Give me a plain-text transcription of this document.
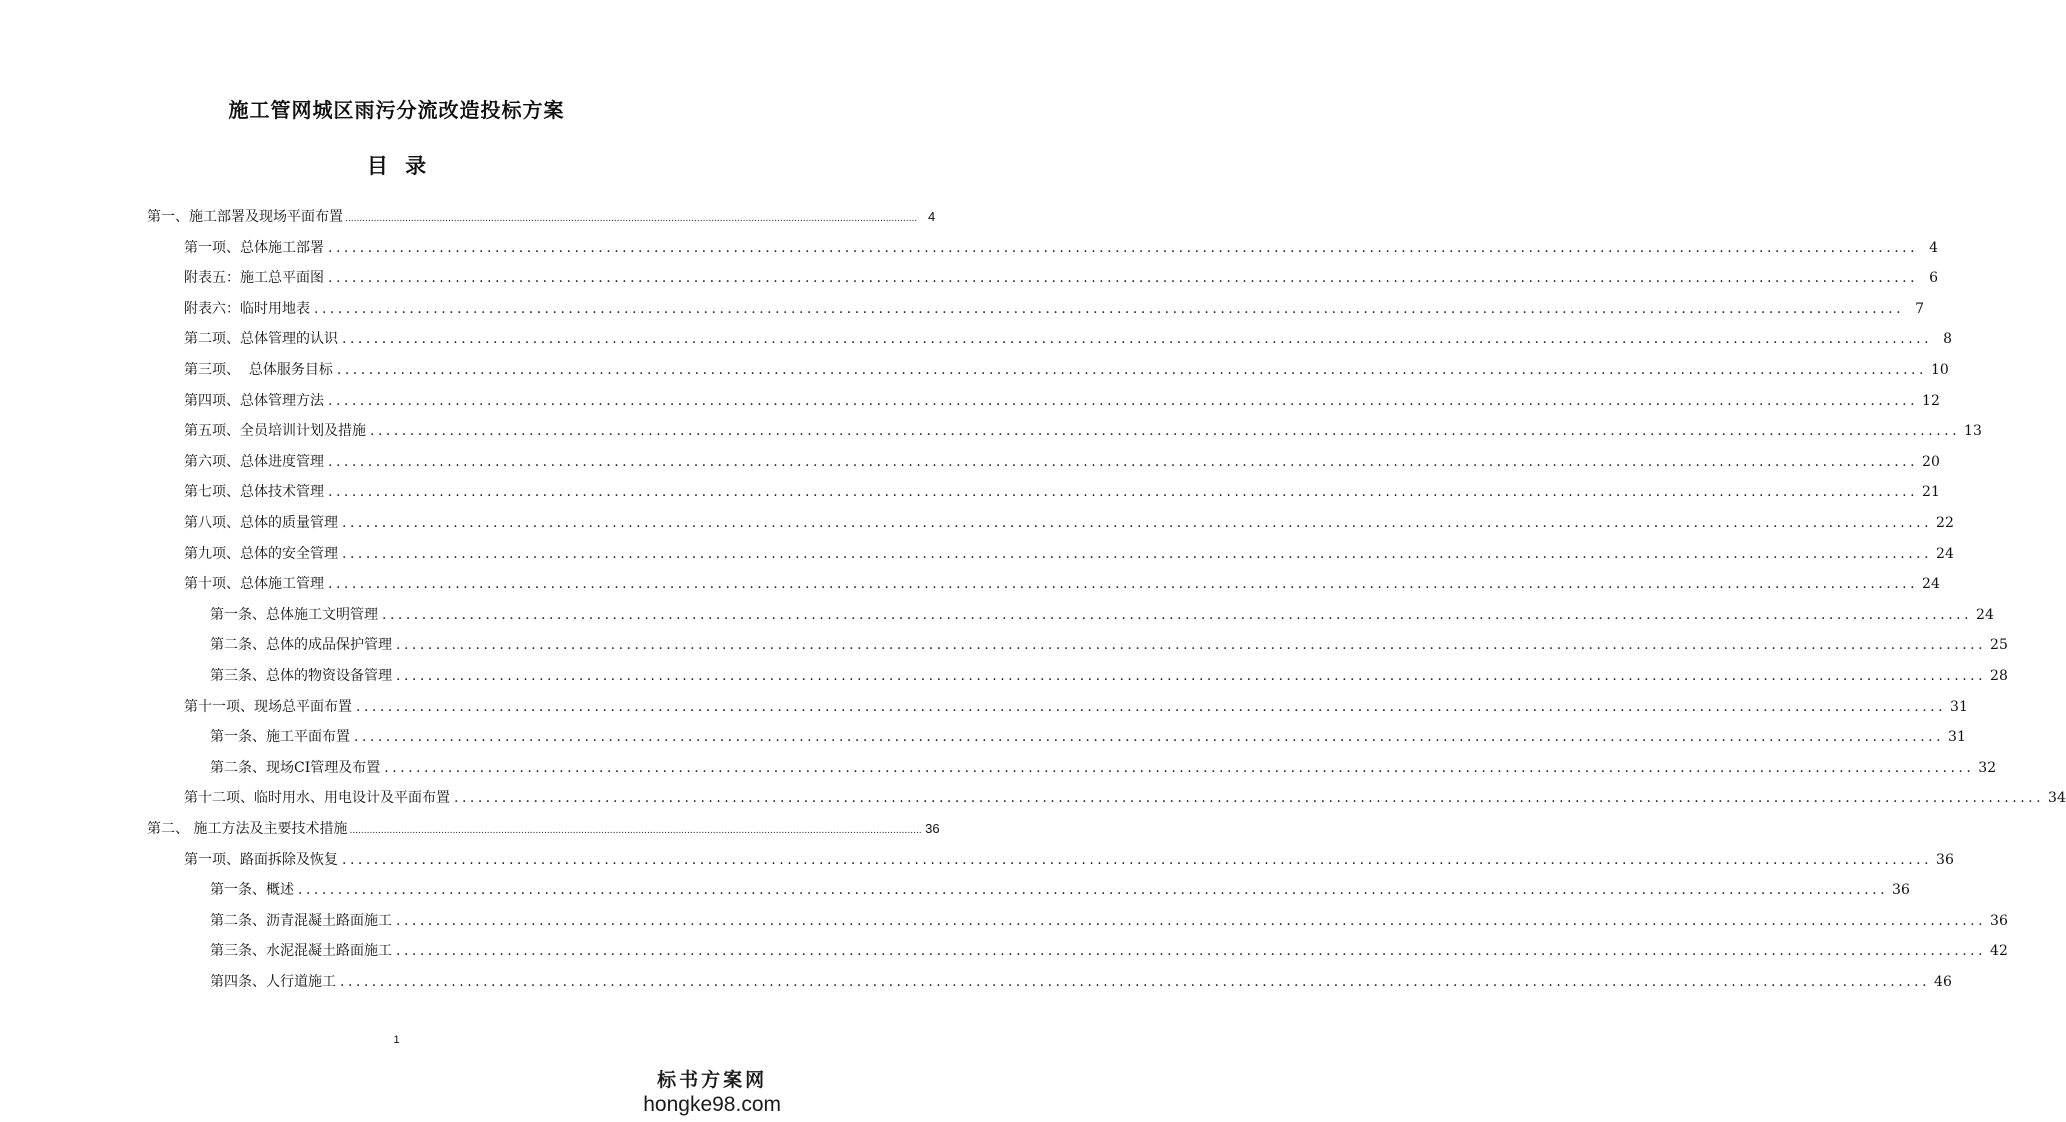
施工管网城区雨污分流改造投标方案
目 录
第一、施工部署及现场平面布置 ........................................................................................................................................................................................................ 4
第一项、总体施工部署 ........................................................................................................................................................................................................ 4
附表五：施工总平面图 ........................................................................................................................................................................................................ 6
附表六：临时用地表 ........................................................................................................................................................................................................ 7
第二项、总体管理的认识 ........................................................................................................................................................................................................ 8
第三项、  总体服务目标 ........................................................................................................................................................................................................ 10
第四项、总体管理方法 ........................................................................................................................................................................................................ 12
第五项、全员培训计划及措施 ........................................................................................................................................................................................................ 13
第六项、总体进度管理 ........................................................................................................................................................................................................ 20
第七项、总体技术管理 ........................................................................................................................................................................................................ 21
第八项、总体的质量管理 ........................................................................................................................................................................................................ 22
第九项、总体的安全管理 ........................................................................................................................................................................................................ 24
第十项、总体施工管理 ........................................................................................................................................................................................................ 24
第一条、总体施工文明管理 ........................................................................................................................................................................................................ 24
第二条、总体的成品保护管理 ........................................................................................................................................................................................................ 25
第三条、总体的物资设备管理 ........................................................................................................................................................................................................ 28
第十一项、现场总平面布置 ........................................................................................................................................................................................................ 31
第一条、施工平面布置 ........................................................................................................................................................................................................ 31
第二条、现场CI管理及布置 ........................................................................................................................................................................................................ 32
第十二项、临时用水、用电设计及平面布置 ........................................................................................................................................................................................................ 34
第二、 施工方法及主要技术措施 ........................................................................................................................................................................................................ 36
第一项、路面拆除及恢复 ........................................................................................................................................................................................................ 36
第一条、概述 ........................................................................................................................................................................................................ 36
第二条、沥青混凝土路面施工 ........................................................................................................................................................................................................ 36
第三条、水泥混凝土路面施工 ........................................................................................................................................................................................................ 42
第四条、人行道施工 ........................................................................................................................................................................................................ 46
1
标书方案网
hongke98.com
